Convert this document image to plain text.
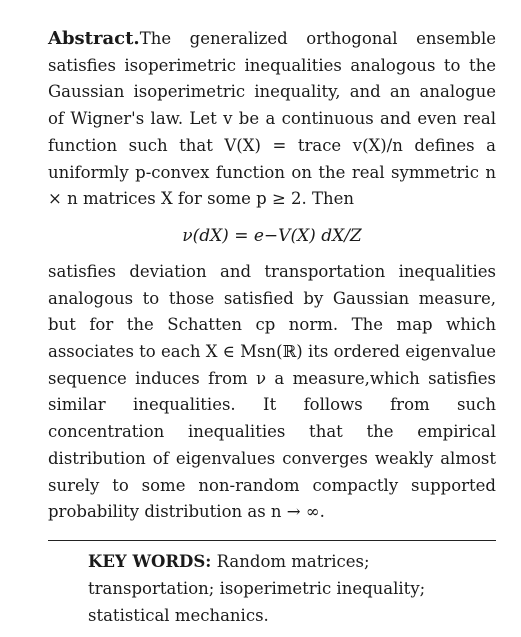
Abstract.The generalized orthogonal ensemble satisfies isoperimetric inequalities analogous to the Gaussian isoperimetric inequality, and an analogue of Wigner's law. Let v be a continuous and even real function such that V(X) = trace v(X)/n defines a uniformly p-convex function on the real symmetric n × n matrices X for some p ≥ 2. Then

ν(dX) = e−V(X) dX/Z

satisfies deviation and transportation inequalities analogous to those satisfied by Gaussian measure, but for the Schatten cp norm. The map which associates to each X ∈ Msn(ℝ) its ordered eigenvalue sequence induces from ν a measure,which satisfies similar inequalities. It follows from such concentration inequalities that the empirical distribution of eigenvalues converges weakly almost surely to some non-random compactly supported probability distribution as n → ∞.

KEY WORDS: Random matrices; transportation; isoperimetric inequality; statistical mechanics.
